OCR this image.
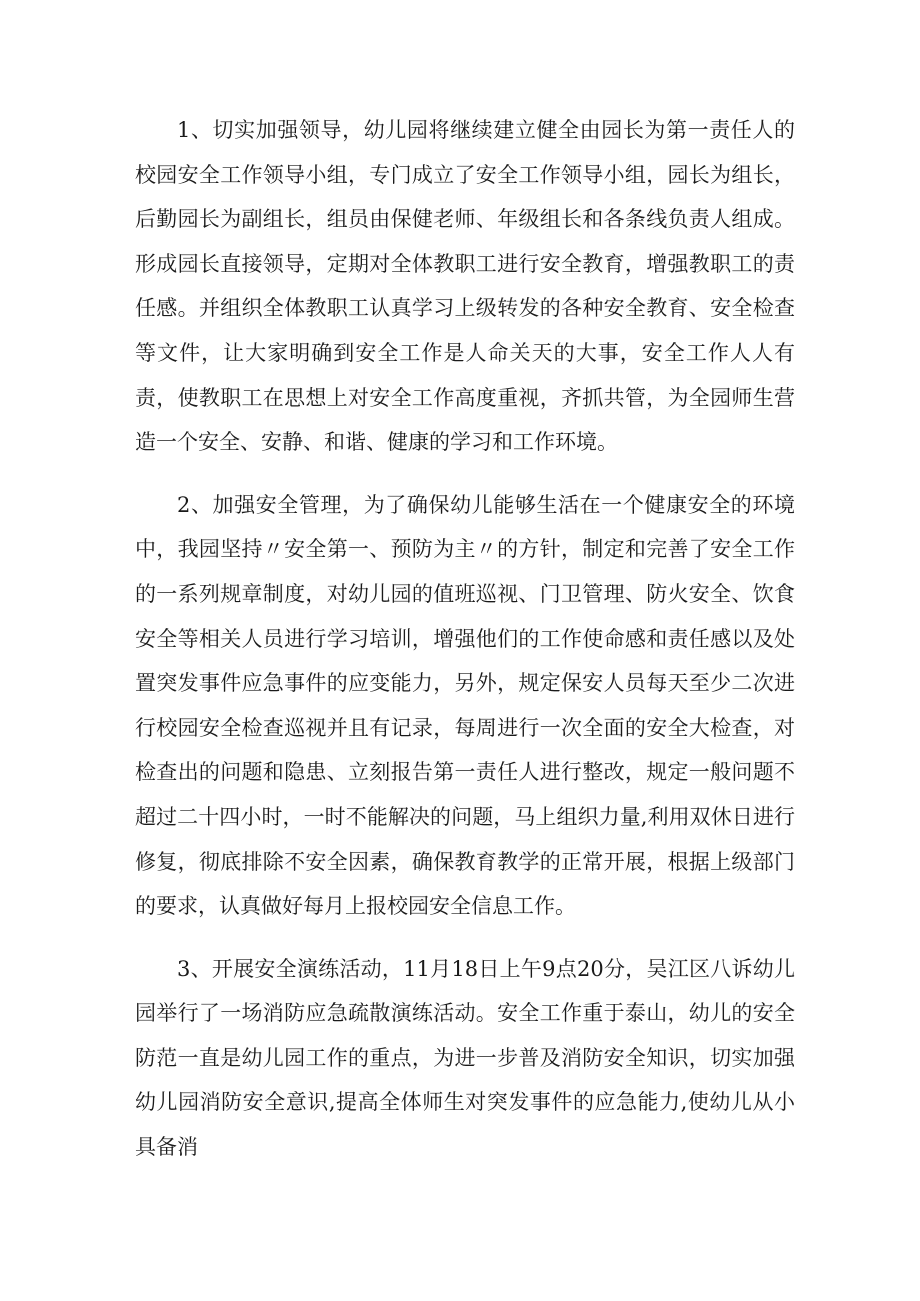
1、切实加强领导，幼儿园将继续建立健全由园长为第一责任人的校园安全工作领导小组，专门成立了安全工作领导小组，园长为组长，后勤园长为副组长，组员由保健老师、年级组长和各条线负责人组成。形成园长直接领导，定期对全体教职工进行安全教育，增强教职工的责任感。并组织全体教职工认真学习上级转发的各种安全教育、安全检查等文件，让大家明确到安全工作是人命关天的大事，安全工作人人有责，使教职工在思想上对安全工作高度重视，齐抓共管，为全园师生营造一个安全、安静、和谐、健康的学习和工作环境。

2、加强安全管理，为了确保幼儿能够生活在一个健康安全的环境中，我园坚持〃安全第一、预防为主〃的方针，制定和完善了安全工作的一系列规章制度，对幼儿园的值班巡视、门卫管理、防火安全、饮食安全等相关人员进行学习培训，增强他们的工作使命感和责任感以及处置突发事件应急事件的应变能力，另外，规定保安人员每天至少二次进行校园安全检查巡视并且有记录，每周进行一次全面的安全大检查，对检查出的问题和隐患、立刻报告第一责任人进行整改，规定一般问题不超过二十四小时，一时不能解决的问题，马上组织力量,利用双休日进行修复，彻底排除不安全因素，确保教育教学的正常开展，根据上级部门的要求，认真做好每月上报校园安全信息工作。

3、开展安全演练活动，11月18日上午9点20分，吴江区八诉幼儿园举行了一场消防应急疏散演练活动。安全工作重于泰山，幼儿的安全防范一直是幼儿园工作的重点，为进一步普及消防安全知识，切实加强幼儿园消防安全意识,提高全体师生对突发事件的应急能力,使幼儿从小具备消
